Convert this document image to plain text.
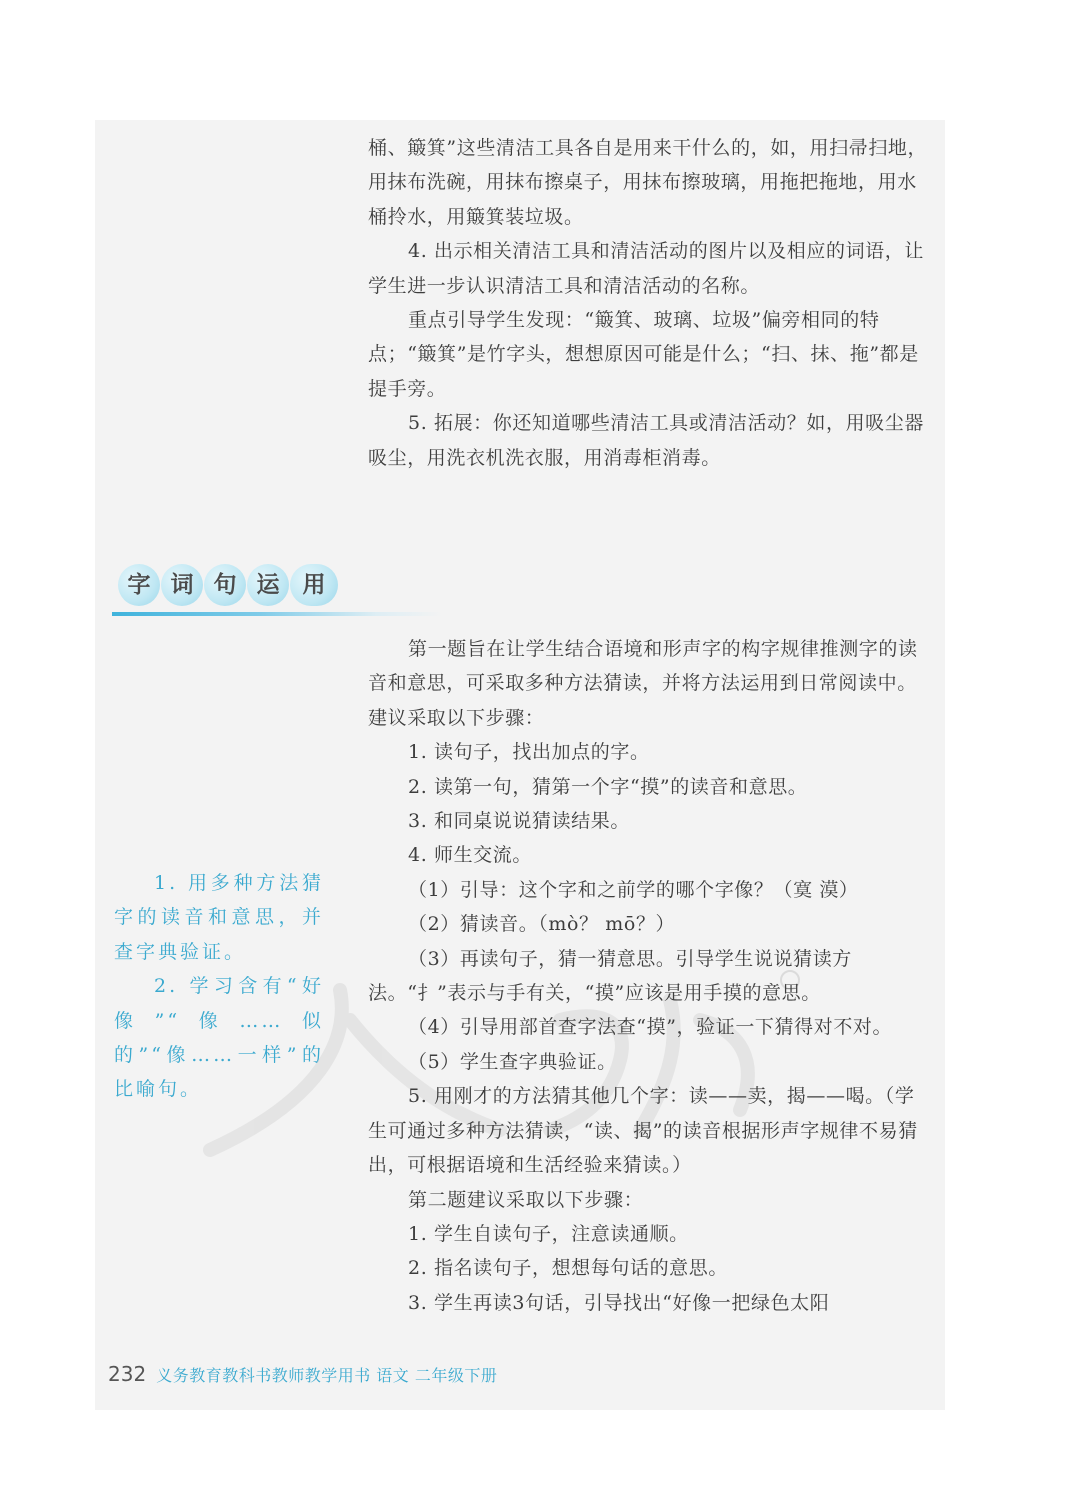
桶、簸箕”这些清洁工具各自是用来干什么的，如，用扫帚扫地，用抹布洗碗，用抹布擦桌子，用抹布擦玻璃，用拖把拖地，用水桶拎水，用簸箕装垃圾。

4. 出示相关清洁工具和清洁活动的图片以及相应的词语，让学生进一步认识清洁工具和清洁活动的名称。

重点引导学生发现：“簸箕、玻璃、垃圾”偏旁相同的特点；“簸箕”是竹字头，想想原因可能是什么；“扫、抹、拖”都是提手旁。

5. 拓展：你还知道哪些清洁工具或清洁活动？如，用吸尘器吸尘，用洗衣机洗衣服，用消毒柜消毒。

字 词 句 运	用

1. 用多种方法猜字的读音和意思，并查字典验证。

2. 学习含有“好像”“像……似的”“像……一样”的比喻句。

第一题旨在让学生结合语境和形声字的构字规律推测字的读音和意思，可采取多种方法猜读，并将方法运用到日常阅读中。建议采取以下步骤：

1. 读句子，找出加点的字。

2. 读第一句，猜第一个字“摸”的读音和意思。

3. 和同桌说说猜读结果。

4. 师生交流。

（1）引导：这个字和之前学的哪个字像？（寞 漠）

（2）猜读音。（mò？ mō？）

（3）再读句子，猜一猜意思。引导学生说说猜读方法。“扌”表示与手有关，“摸”应该是用手摸的意思。

（4）引导用部首查字法查“摸”，验证一下猜得对不对。

（5）学生查字典验证。

5. 用刚才的方法猜其他几个字：读——卖，揭——喝。（学生可通过多种方法猜读，“读、揭”的读音根据形声字规律不易猜出，可根据语境和生活经验来猜读。）

第二题建议采取以下步骤：

1. 学生自读句子，注意读通顺。

2. 指名读句子，想想每句话的意思。

3. 学生再读3句话，引导找出“好像一把绿色太阳

232 义务教育教科书教师教学用书 语文 二年级下册
